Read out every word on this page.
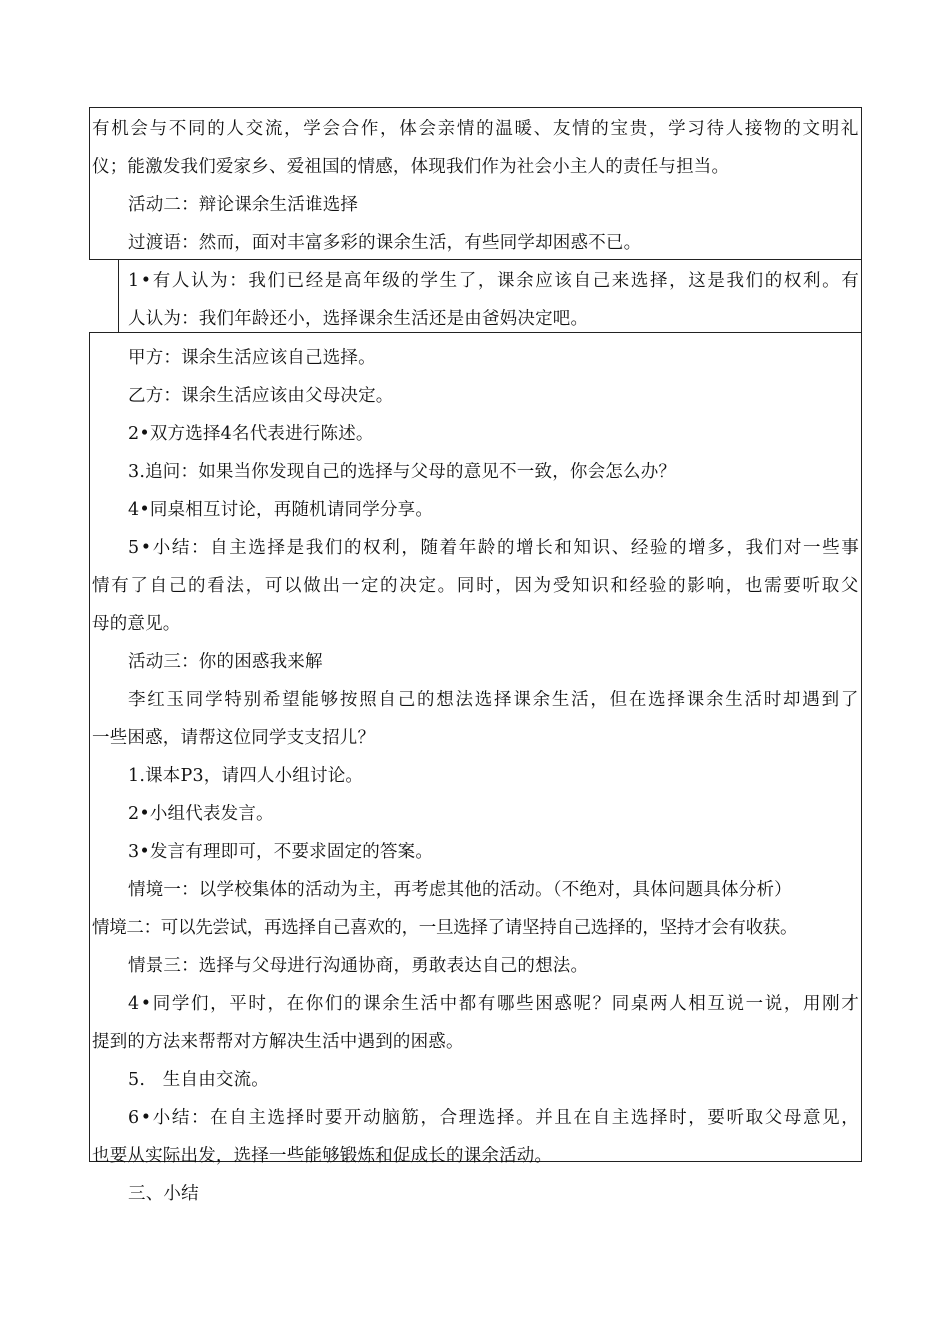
有 机 会 与 不 同 的 人 交 流 ， 学 会 合 作 ， 体 会 亲 情 的 温 暖 、 友 情 的 宝 贵 ， 学 习 待 人 接 物 的 文 明 礼
仪；能激发我们爱家乡、爱祖国的情感，体现我们作为社会小主人的责任与担当。
活动二：辩论课余生活谁选择
过渡语：然而，面对丰富多彩的课余生活，有些同学却困惑不已。
1 • 有 人 认 为 ： 我 们 已 经 是 高 年 级 的 学 生 了 ， 课 余 应 该 自 己 来 选 择 ， 这 是 我 们 的 权 利 。 有
人认为：我们年龄还小，选择课余生活还是由爸妈决定吧。
甲方：课余生活应该自己选择。
乙方：课余生活应该由父母决定。
2•双方选择4名代表进行陈述。
3.追问：如果当你发现自己的选择与父母的意见不一致，你会怎么办？
4•同桌相互讨论，再随机请同学分享。
5 • 小 结 ： 自 主 选 择 是 我 们 的 权 利 ， 随 着 年 龄 的 增 长 和 知 识 、 经 验 的 增 多 ， 我 们 对 一 些 事
情 有 了 自 己 的 看 法 ， 可 以 做 出 一 定 的 决 定 。 同 时 ， 因 为 受 知 识 和 经 验 的 影 响 ， 也 需 要 听 取 父
母的意见。
活动三：你的困惑我来解
李 红 玉 同 学 特 别 希 望 能 够 按 照 自 己 的 想 法 选 择 课 余 生 活 ， 但 在 选 择 课 余 生 活 时 却 遇 到 了
一些困惑，请帮这位同学支支招儿？
1.课本P3，请四人小组讨论。
2•小组代表发言。
3•发言有理即可，不要求固定的答案。
情境一：以学校集体的活动为主，再考虑其他的活动。（不绝对，具体问题具体分析）
情境二：可以先尝试，再选择自己喜欢的，一旦选择了请坚持自己选择的，坚持才会有收获。
情景三：选择与父母进行沟通协商，勇敢表达自己的想法。
4 • 同 学 们 ， 平 时 ， 在 你 们 的 课 余 生 活 中 都 有 哪 些 困 惑 呢 ？ 同 桌 两 人 相 互 说 一 说 ， 用 刚 才
提到的方法来帮帮对方解决生活中遇到的困惑。
5.　生自由交流。
6 • 小 结 ： 在 自 主 选 择 时 要 开 动 脑 筋 ， 合 理 选 择 。 并 且 在 自 主 选 择 时 ， 要 听 取 父 母 意 见 ，
也要从实际出发，选择一些能够锻炼和促成长的课余活动。
三、小结
